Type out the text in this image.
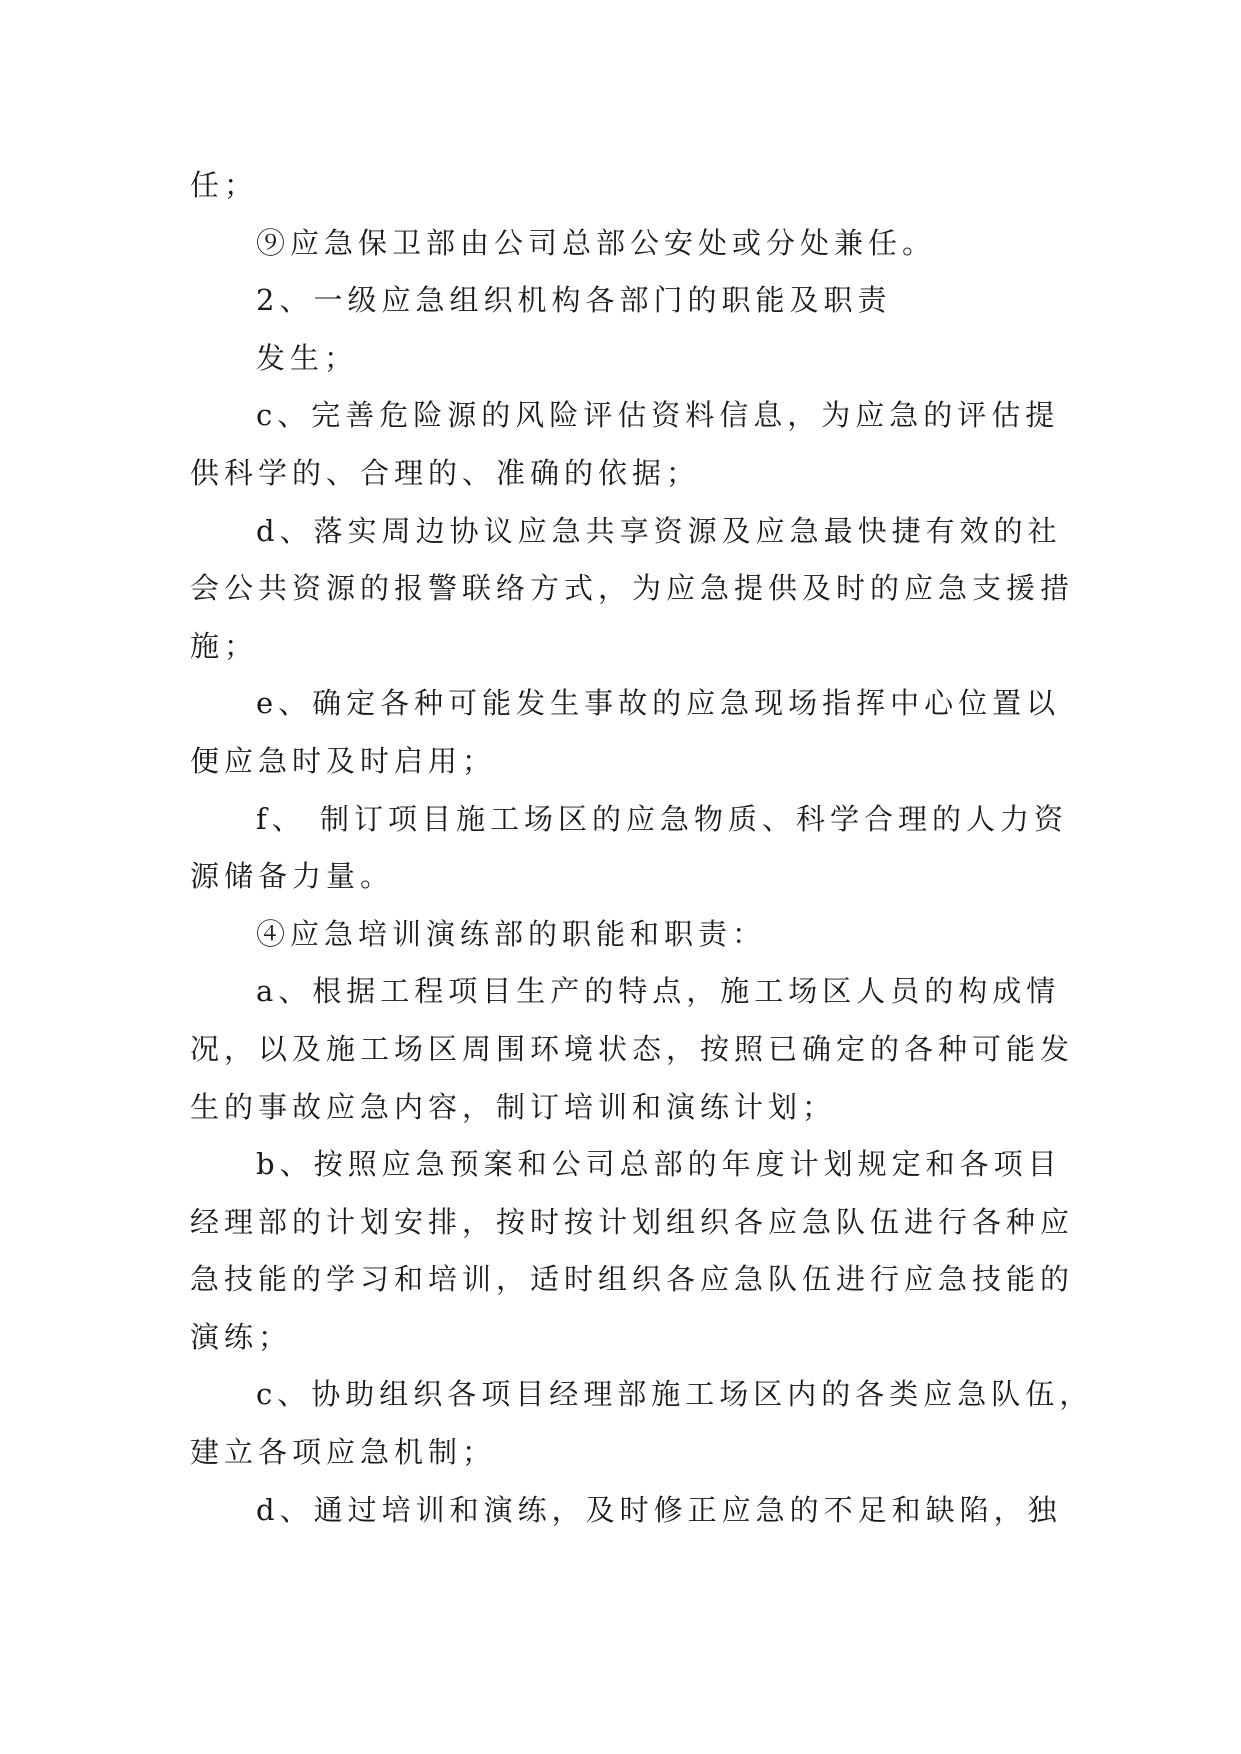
任；
⑨应急保卫部由公司总部公安处或分处兼任。
2、一级应急组织机构各部门的职能及职责
发生；
c、完善危险源的风险评估资料信息，为应急的评估提
供科学的、合理的、准确的依据；
d、落实周边协议应急共享资源及应急最快捷有效的社
会公共资源的报警联络方式，为应急提供及时的应急支援措
施；
e、确定各种可能发生事故的应急现场指挥中心位置以
便应急时及时启用；
f、 制订项目施工场区的应急物质、科学合理的人力资
源储备力量。
④应急培训演练部的职能和职责：
a、根据工程项目生产的特点，施工场区人员的构成情
况，以及施工场区周围环境状态，按照已确定的各种可能发
生的事故应急内容，制订培训和演练计划；
b、按照应急预案和公司总部的年度计划规定和各项目
经理部的计划安排，按时按计划组织各应急队伍进行各种应
急技能的学习和培训，适时组织各应急队伍进行应急技能的
演练；
c、协助组织各项目经理部施工场区内的各类应急队伍，
建立各项应急机制；
d、通过培训和演练，及时修正应急的不足和缺陷，独
